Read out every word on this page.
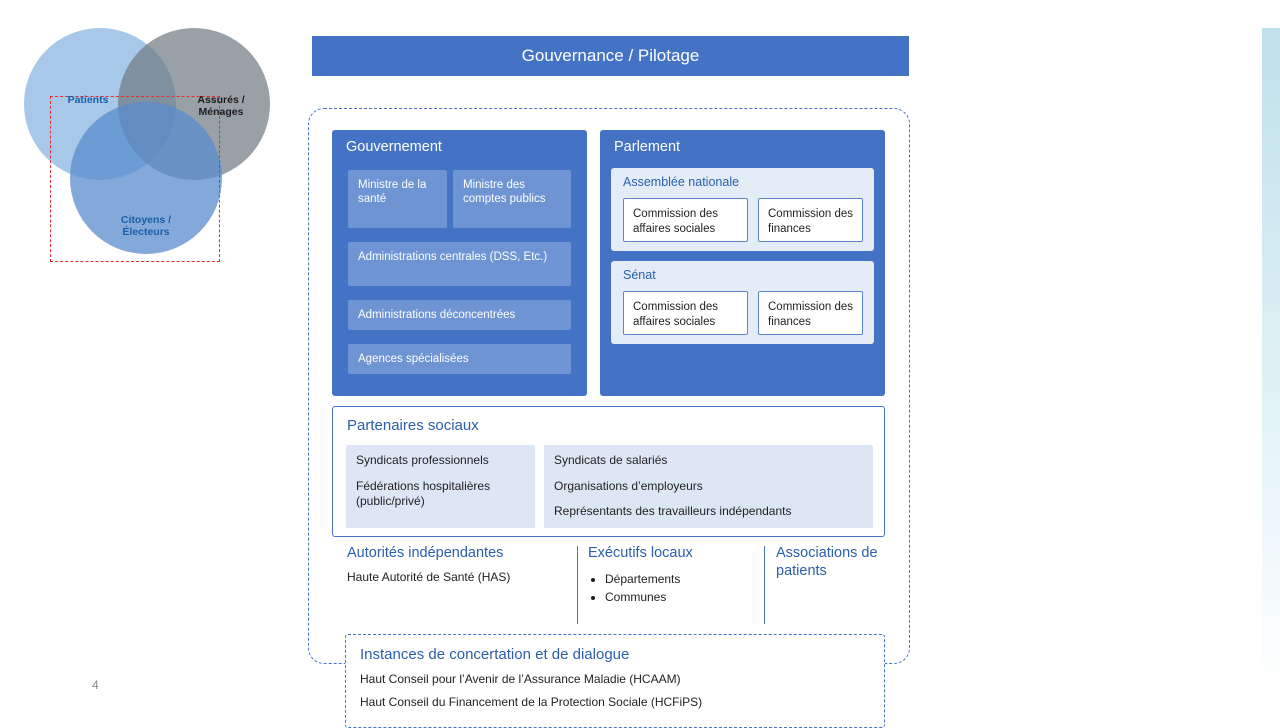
Patients	Assurés / Ménages
Citoyens / Électeurs
4
Gouvernance / Pilotage
Gouvernement
Ministre de la santé
Ministre des comptes publics
Administrations centrales (DSS, Etc.)
Administrations déconcentrées
Agences spécialisées
Parlement
Assemblée nationale
Commission des affaires sociales
Commission des finances
Sénat
Commission des affaires sociales
Commission des finances
Partenaires sociaux
Syndicats professionnels
Fédérations hospitalières (public/privé)
Syndicats de salariés
Organisations d’employeurs
Représentants des travailleurs indépendants
Autorités indépendantes
Haute Autorité de Santé (HAS)
Exécutifs locaux
• Départements
• Communes
Associations de patients
Instances de concertation et de dialogue
Haut Conseil pour l’Avenir de l’Assurance Maladie (HCAAM)
Haut Conseil du Financement de la Protection Sociale (HCFiPS)
